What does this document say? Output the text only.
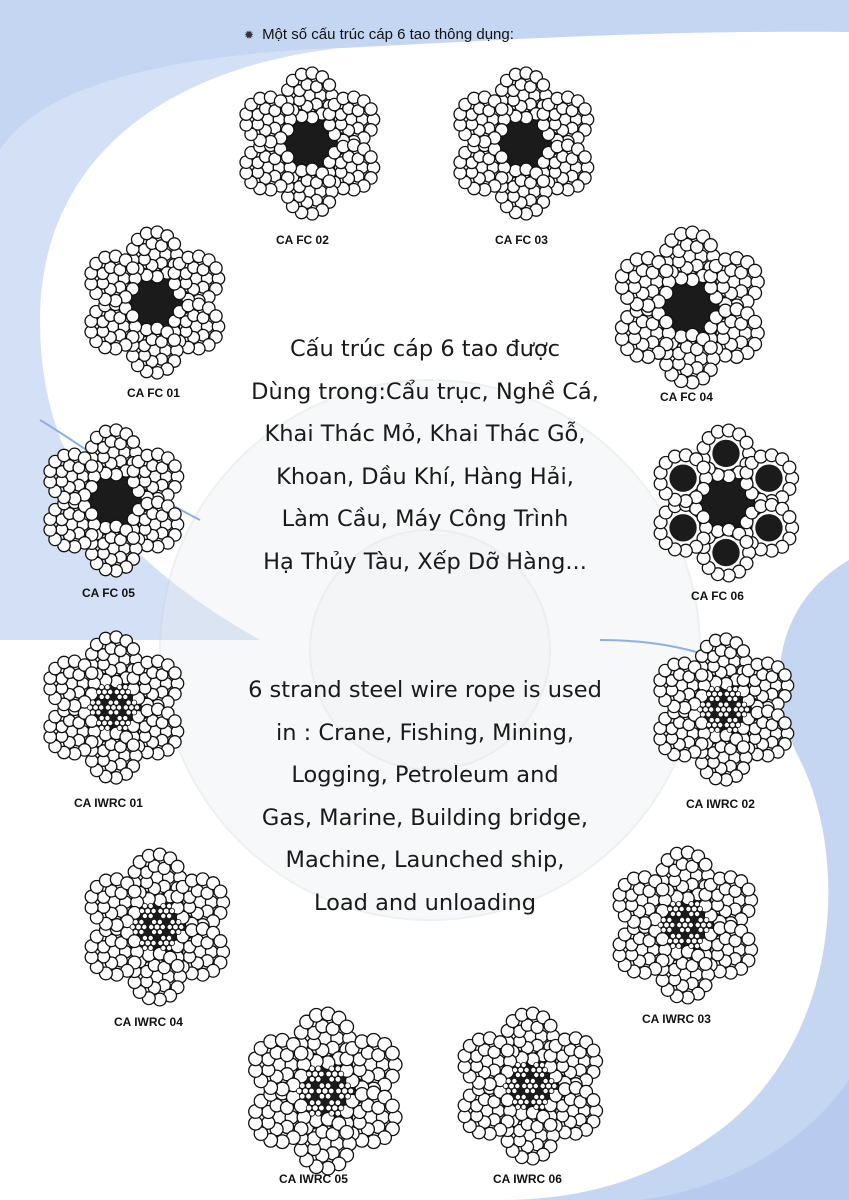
✹ Một số cấu trúc cáp 6 tao thông dụng:
CA FC 02	CA FC 03
CA FC 01	CA FC 04
CA FC 05	CA FC 06
CA IWRC 01	CA IWRC 02
CA IWRC 04	CA IWRC 03
CA IWRC 05	CA IWRC 06
Cấu trúc cáp 6 tao được
Dùng trong:Cẩu trục, Nghề Cá,
Khai Thác Mỏ, Khai Thác Gỗ,
Khoan, Dầu Khí, Hàng Hải,
Làm Cầu, Máy Công Trình
Hạ Thủy Tàu, Xếp Dỡ Hàng...
6 strand steel wire rope is used
in : Crane, Fishing, Mining,
Logging, Petroleum and
Gas, Marine, Building bridge,
Machine, Launched ship,
Load and unloading
